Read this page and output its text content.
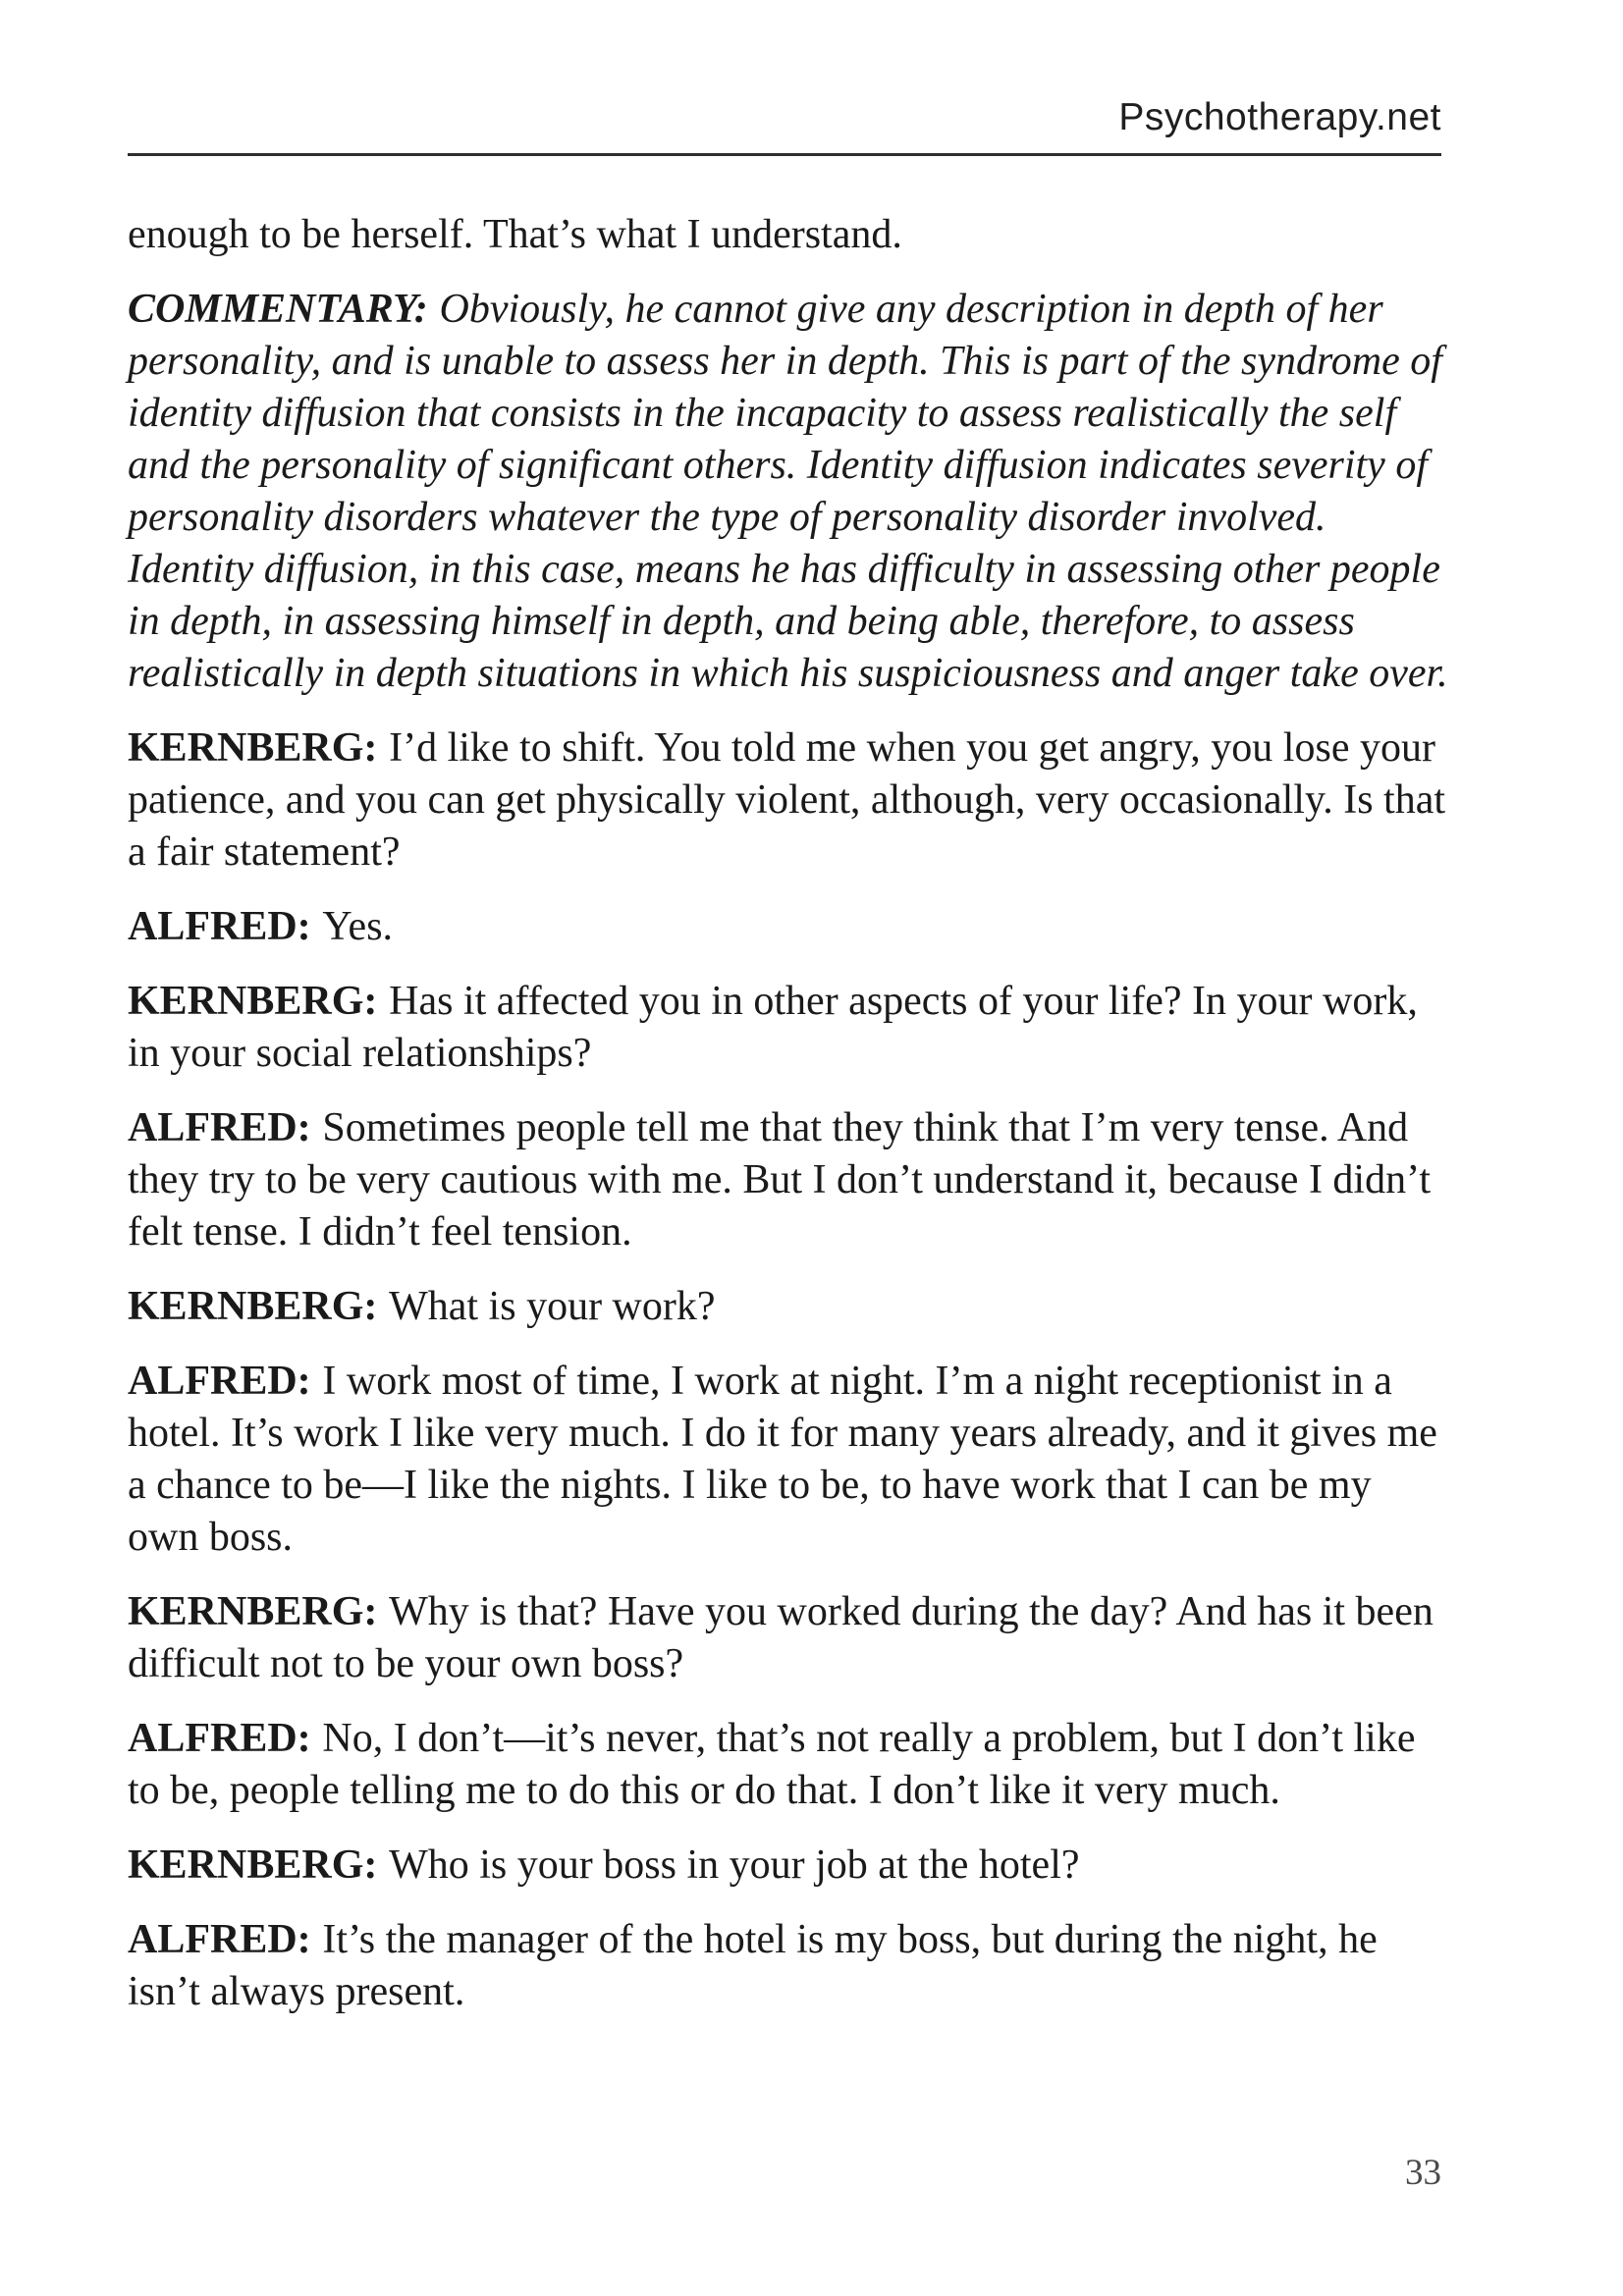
Psychotherapy.net

enough to be herself. That’s what I understand.

COMMENTARY: Obviously, he cannot give any description in depth of her personality, and is unable to assess her in depth. This is part of the syndrome of identity diffusion that consists in the incapacity to assess realistically the self and the personality of significant others. Identity diffusion indicates severity of personality disorders whatever the type of personality disorder involved. Identity diffusion, in this case, means he has difficulty in assessing other people in depth, in assessing himself in depth, and being able, therefore, to assess realistically in depth situations in which his suspiciousness and anger take over.

KERNBERG: I’d like to shift. You told me when you get angry, you lose your patience, and you can get physically violent, although, very occasionally. Is that a fair statement?

ALFRED: Yes.

KERNBERG: Has it affected you in other aspects of your life? In your work, in your social relationships?

ALFRED: Sometimes people tell me that they think that I’m very tense. And they try to be very cautious with me. But I don’t understand it, because I didn’t felt tense. I didn’t feel tension.

KERNBERG: What is your work?

ALFRED: I work most of time, I work at night. I’m a night receptionist in a hotel. It’s work I like very much. I do it for many years already, and it gives me a chance to be—I like the nights. I like to be, to have work that I can be my own boss.

KERNBERG: Why is that? Have you worked during the day? And has it been difficult not to be your own boss?

ALFRED: No, I don’t—it’s never, that’s not really a problem, but I don’t like to be, people telling me to do this or do that. I don’t like it very much.

KERNBERG: Who is your boss in your job at the hotel?

ALFRED: It’s the manager of the hotel is my boss, but during the night, he isn’t always present.

33
